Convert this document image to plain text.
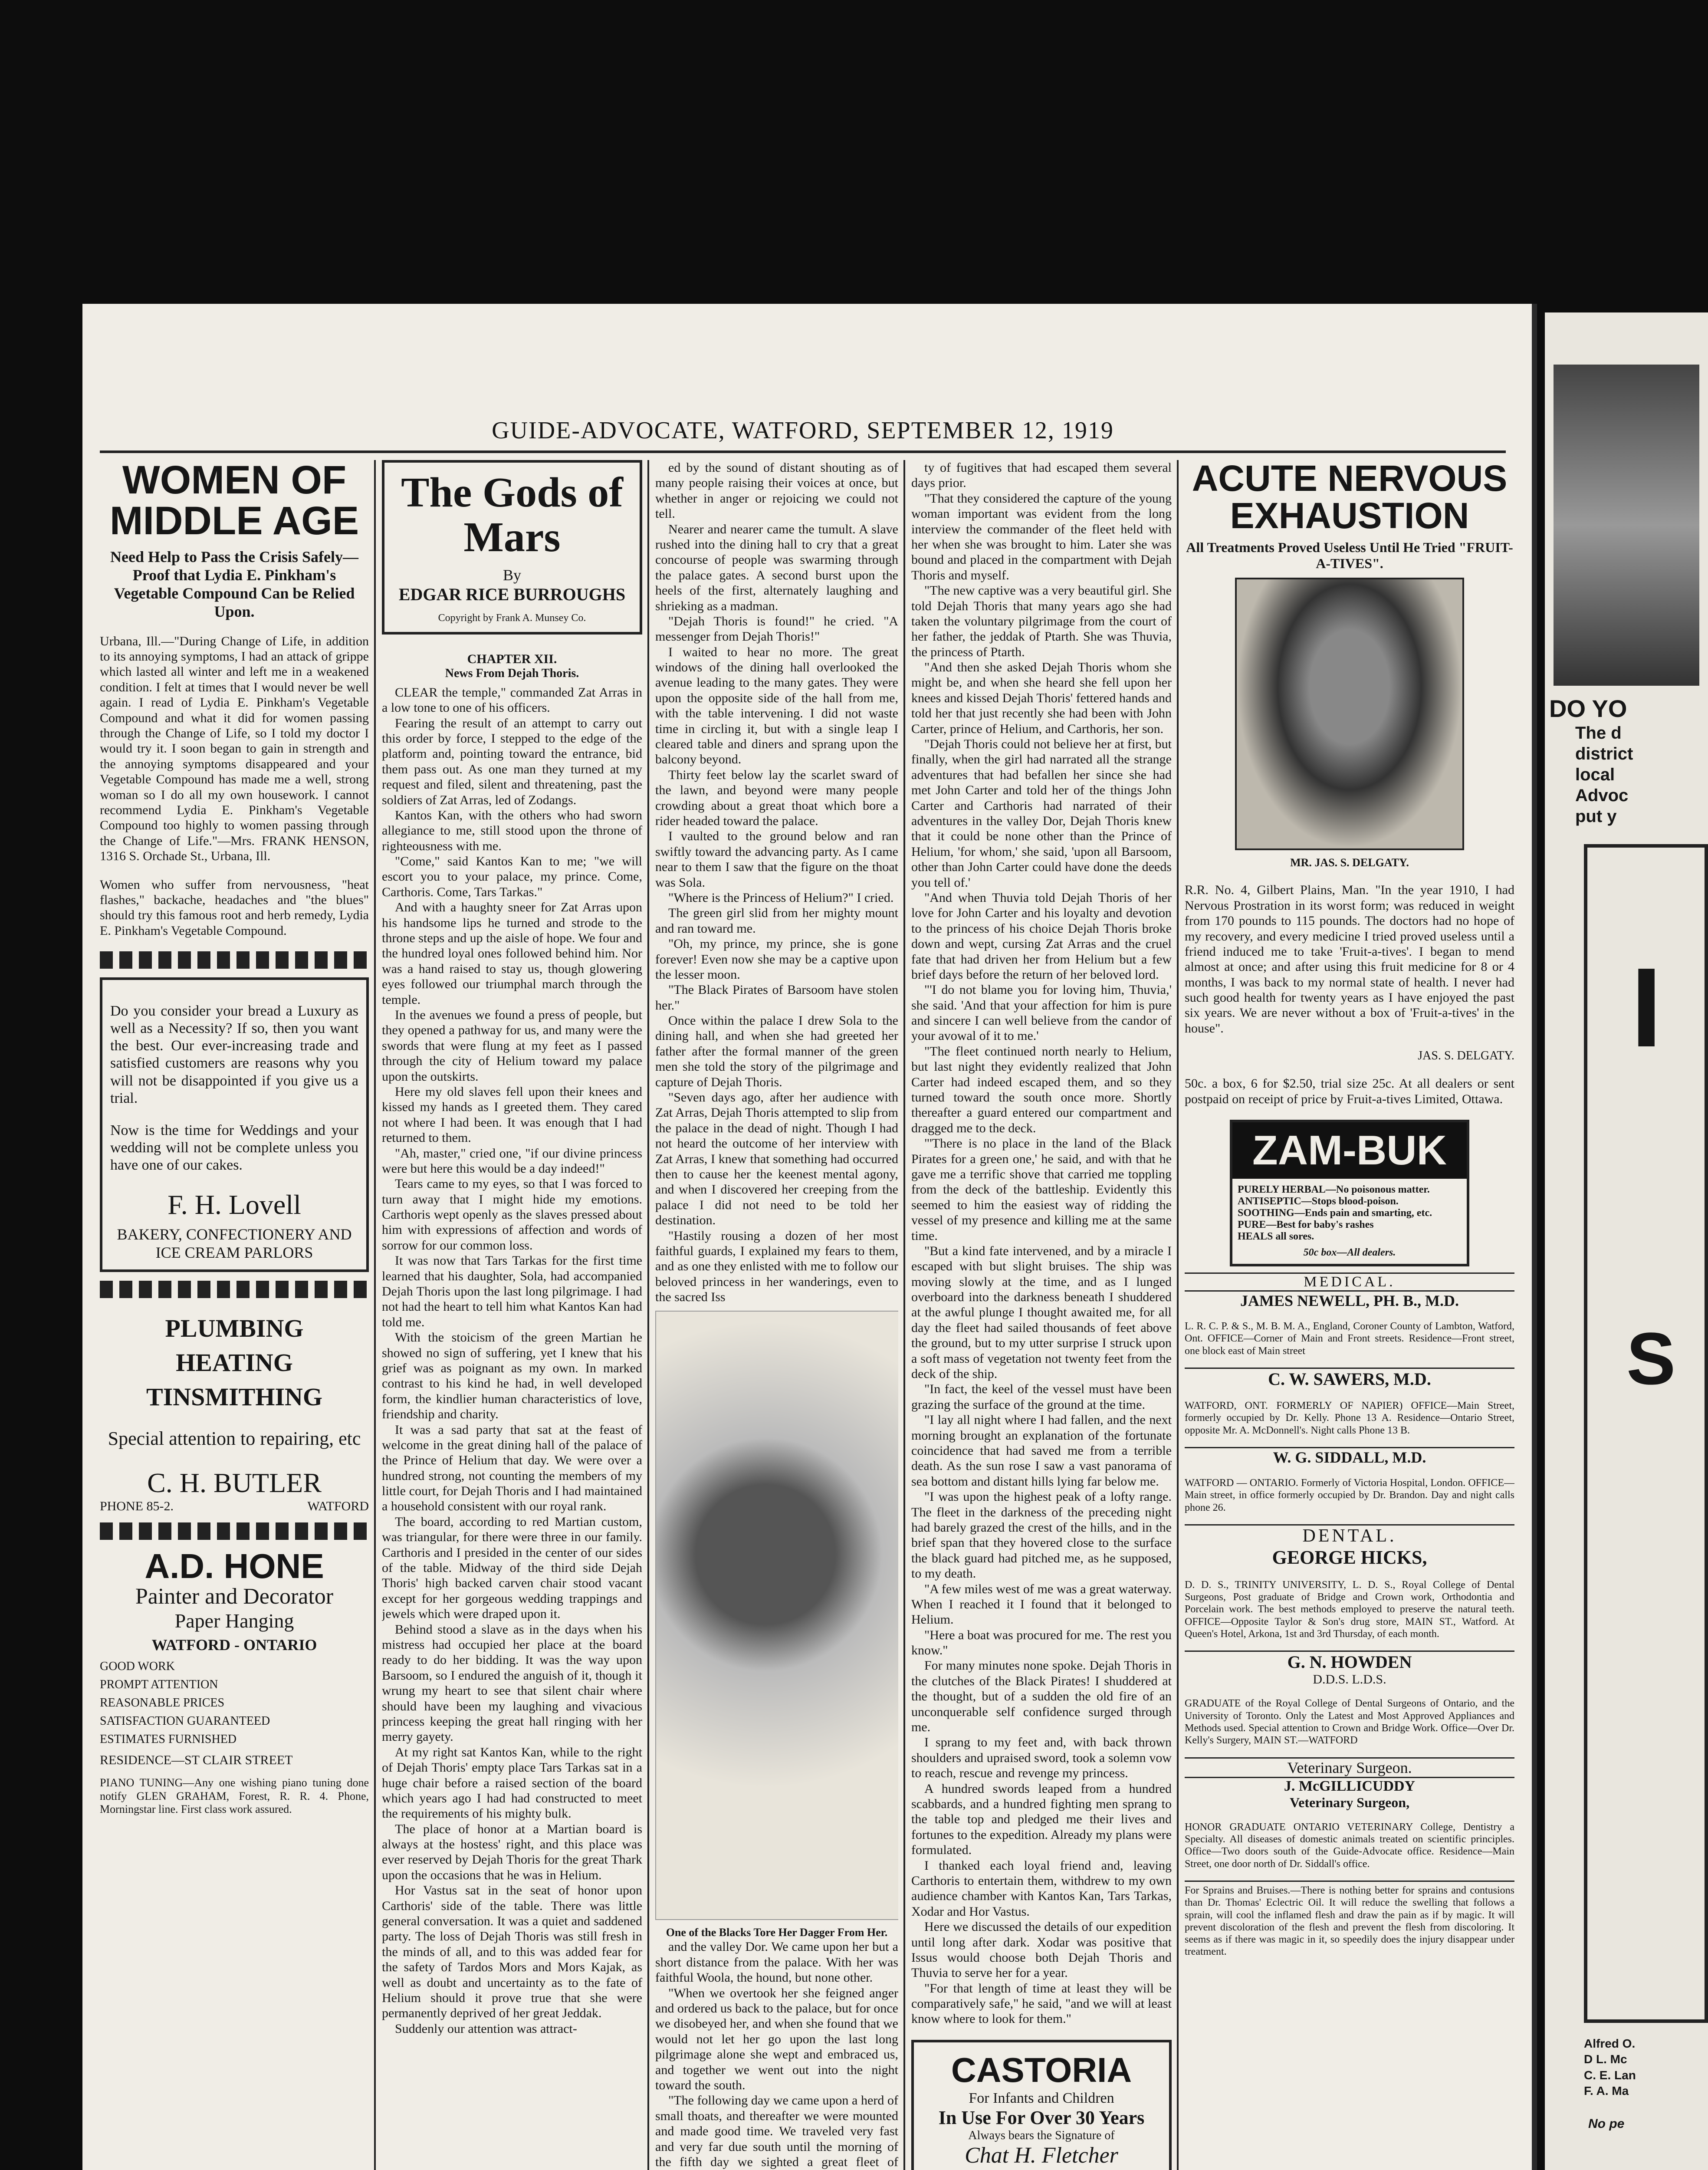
GUIDE-ADVOCATE, WATFORD, SEPTEMBER 12, 1919
WOMEN OF MIDDLE AGE
Need Help to Pass the Crisis Safely—Proof that Lydia E. Pinkham's Vegetable Compound Can be Relied Upon.

Urbana, Ill.—"During Change of Life, in addition to its annoying symptoms, I had an attack of grippe which lasted all winter and left me in a weakened condition. I felt at times that I would never be well again. I read of Lydia E. Pinkham's Vegetable Compound and what it did for women passing through the Change of Life, so I told my doctor I would try it. I soon began to gain in strength and the annoying symptoms disappeared and your Vegetable Compound has made me a well, strong woman so I do all my own housework. I cannot recommend Lydia E. Pinkham's Vegetable Compound too highly to women passing through the Change of Life."—Mrs. FRANK HENSON, 1316 S. Orchade St., Urbana, Ill.

Women who suffer from nervousness, "heat flashes," backache, headaches and "the blues" should try this famous root and herb remedy, Lydia E. Pinkham's Vegetable Compound.

Do you consider your bread a Luxury as well as a Necessity? If so, then you want the best. Our ever-increasing trade and satisfied customers are reasons why you will not be disappointed if you give us a trial.

Now is the time for Weddings and your wedding will not be complete unless you have one of our cakes.

F. H. Lovell
BAKERY, CONFECTIONERY AND ICE CREAM PARLORS
PLUMBING
HEATING
TINSMITHING
Special attention to repairing, etc
C. H. BUTLER
PHONE 85-2.	WATFORD
A.D. HONE
Painter and Decorator
Paper Hanging
WATFORD - ONTARIO
GOOD WORK
PROMPT ATTENTION
REASONABLE PRICES
SATISFACTION GUARANTEED
ESTIMATES FURNISHED
RESIDENCE—ST CLAIR STREET

PIANO TUNING—Any one wishing piano tuning done notify GLEN GRAHAM, Forest, R. R. 4. Phone, Morningstar line. First class work assured.

The Gods of Mars
By
EDGAR RICE BURROUGHS
Copyright by Frank A. Munsey Co.
CHAPTER XII.
News From Dejah Thoris.

CLEAR the temple," commanded Zat Arras in a low tone to one of his officers.

Fearing the result of an attempt to carry out this order by force, I stepped to the edge of the platform and, pointing toward the entrance, bid them pass out. As one man they turned at my request and filed, silent and threatening, past the soldiers of Zat Arras, led of Zodangs.

Kantos Kan, with the others who had sworn allegiance to me, still stood upon the throne of righteousness with me.

"Come," said Kantos Kan to me; "we will escort you to your palace, my prince. Come, Carthoris. Come, Tars Tarkas."

And with a haughty sneer for Zat Arras upon his handsome lips he turned and strode to the throne steps and up the aisle of hope. We four and the hundred loyal ones followed behind him. Nor was a hand raised to stay us, though glowering eyes followed our triumphal march through the temple.

In the avenues we found a press of people, but they opened a pathway for us, and many were the swords that were flung at my feet as I passed through the city of Helium toward my palace upon the outskirts.

Here my old slaves fell upon their knees and kissed my hands as I greeted them. They cared not where I had been. It was enough that I had returned to them.

"Ah, master," cried one, "if our divine princess were but here this would be a day indeed!"

Tears came to my eyes, so that I was forced to turn away that I might hide my emotions. Carthoris wept openly as the slaves pressed about him with expressions of affection and words of sorrow for our common loss.

It was now that Tars Tarkas for the first time learned that his daughter, Sola, had accompanied Dejah Thoris upon the last long pilgrimage. I had not had the heart to tell him what Kantos Kan had told me.

With the stoicism of the green Martian he showed no sign of suffering, yet I knew that his grief was as poignant as my own. In marked contrast to his kind he had, in well developed form, the kindlier human characteristics of love, friendship and charity.

It was a sad party that sat at the feast of welcome in the great dining hall of the palace of the Prince of Helium that day. We were over a hundred strong, not counting the members of my little court, for Dejah Thoris and I had maintained a household consistent with our royal rank.

The board, according to red Martian custom, was triangular, for there were three in our family. Carthoris and I presided in the center of our sides of the table. Midway of the third side Dejah Thoris' high backed carven chair stood vacant except for her gorgeous wedding trappings and jewels which were draped upon it.

Behind stood a slave as in the days when his mistress had occupied her place at the board ready to do her bidding. It was the way upon Barsoom, so I endured the anguish of it, though it wrung my heart to see that silent chair where should have been my laughing and vivacious princess keeping the great hall ringing with her merry gayety.

At my right sat Kantos Kan, while to the right of Dejah Thoris' empty place Tars Tarkas sat in a huge chair before a raised section of the board which years ago I had had constructed to meet the requirements of his mighty bulk.

The place of honor at a Martian board is always at the hostess' right, and this place was ever reserved by Dejah Thoris for the great Thark upon the occasions that he was in Helium.

Hor Vastus sat in the seat of honor upon Carthoris' side of the table. There was little general conversation. It was a quiet and saddened party. The loss of Dejah Thoris was still fresh in the minds of all, and to this was added fear for the safety of Tardos Mors and Mors Kajak, as well as doubt and uncertainty as to the fate of Helium should it prove true that she were permanently deprived of her great Jeddak.

Suddenly our attention was attract-

ed by the sound of distant shouting as of many people raising their voices at once, but whether in anger or rejoicing we could not tell.

Nearer and nearer came the tumult. A slave rushed into the dining hall to cry that a great concourse of people was swarming through the palace gates. A second burst upon the heels of the first, alternately laughing and shrieking as a madman.

"Dejah Thoris is found!" he cried. "A messenger from Dejah Thoris!"

I waited to hear no more. The great windows of the dining hall overlooked the avenue leading to the many gates. They were upon the opposite side of the hall from me, with the table intervening. I did not waste time in circling it, but with a single leap I cleared table and diners and sprang upon the balcony beyond.

Thirty feet below lay the scarlet sward of the lawn, and beyond were many people crowding about a great thoat which bore a rider headed toward the palace.

I vaulted to the ground below and ran swiftly toward the advancing party. As I came near to them I saw that the figure on the thoat was Sola.

"Where is the Princess of Helium?" I cried.

The green girl slid from her mighty mount and ran toward me.

"Oh, my prince, my prince, she is gone forever! Even now she may be a captive upon the lesser moon.

"The Black Pirates of Barsoom have stolen her."

Once within the palace I drew Sola to the dining hall, and when she had greeted her father after the formal manner of the green men she told the story of the pilgrimage and capture of Dejah Thoris.

"Seven days ago, after her audience with Zat Arras, Dejah Thoris attempted to slip from the palace in the dead of night. Though I had not heard the outcome of her interview with Zat Arras, I knew that something had occurred then to cause her the keenest mental agony, and when I discovered her creeping from the palace I did not need to be told her destination.

"Hastily rousing a dozen of her most faithful guards, I explained my fears to them, and as one they enlisted with me to follow our beloved princess in her wanderings, even to the sacred Iss

One of the Blacks Tore Her Dagger From Her.

and the valley Dor. We came upon her but a short distance from the palace. With her was faithful Woola, the hound, but none other.

"When we overtook her she feigned anger and ordered us back to the palace, but for once we disobeyed her, and when she found that we would not let her go upon the last long pilgrimage alone she wept and embraced us, and together we went out into the night toward the south.

"The following day we came upon a herd of small thoats, and thereafter we were mounted and made good time. We traveled very fast and very far due south until the morning of the fifth day we sighted a great fleet of

ty of fugitives that had escaped them several days prior.

"That they considered the capture of the young woman important was evident from the long interview the commander of the fleet held with her when she was brought to him. Later she was bound and placed in the compartment with Dejah Thoris and myself.

"The new captive was a very beautiful girl. She told Dejah Thoris that many years ago she had taken the voluntary pilgrimage from the court of her father, the jeddak of Ptarth. She was Thuvia, the princess of Ptarth.

"And then she asked Dejah Thoris whom she might be, and when she heard she fell upon her knees and kissed Dejah Thoris' fettered hands and told her that just recently she had been with John Carter, prince of Helium, and Carthoris, her son.

"Dejah Thoris could not believe her at first, but finally, when the girl had narrated all the strange adventures that had befallen her since she had met John Carter and told her of the things John Carter and Carthoris had narrated of their adventures in the valley Dor, Dejah Thoris knew that it could be none other than the Prince of Helium, 'for whom,' she said, 'upon all Barsoom, other than John Carter could have done the deeds you tell of.'

"And when Thuvia told Dejah Thoris of her love for John Carter and his loyalty and devotion to the princess of his choice Dejah Thoris broke down and wept, cursing Zat Arras and the cruel fate that had driven her from Helium but a few brief days before the return of her beloved lord.

"'I do not blame you for loving him, Thuvia,' she said. 'And that your affection for him is pure and sincere I can well believe from the candor of your avowal of it to me.'

"The fleet continued north nearly to Helium, but last night they evidently realized that John Carter had indeed escaped them, and so they turned toward the south once more. Shortly thereafter a guard entered our compartment and dragged me to the deck.

"'There is no place in the land of the Black Pirates for a green one,' he said, and with that he gave me a terrific shove that carried me toppling from the deck of the battleship. Evidently this seemed to him the easiest way of ridding the vessel of my presence and killing me at the same time.

"But a kind fate intervened, and by a miracle I escaped with but slight bruises. The ship was moving slowly at the time, and as I lunged overboard into the darkness beneath I shuddered at the awful plunge I thought awaited me, for all day the fleet had sailed thousands of feet above the ground, but to my utter surprise I struck upon a soft mass of vegetation not twenty feet from the deck of the ship.

"In fact, the keel of the vessel must have been grazing the surface of the ground at the time.

"I lay all night where I had fallen, and the next morning brought an explanation of the fortunate coincidence that had saved me from a terrible death. As the sun rose I saw a vast panorama of sea bottom and distant hills lying far below me.

"I was upon the highest peak of a lofty range. The fleet in the darkness of the preceding night had barely grazed the crest of the hills, and in the brief span that they hovered close to the surface the black guard had pitched me, as he supposed, to my death.

"A few miles west of me was a great waterway. When I reached it I found that it belonged to Helium.

"Here a boat was procured for me. The rest you know."

For many minutes none spoke. Dejah Thoris in the clutches of the Black Pirates! I shuddered at the thought, but of a sudden the old fire of an unconquerable self confidence surged through me.

I sprang to my feet and, with back thrown shoulders and upraised sword, took a solemn vow to reach, rescue and revenge my princess.

A hundred swords leaped from a hundred scabbards, and a hundred fighting men sprang to the table top and pledged me their lives and fortunes to the expedition. Already my plans were formulated.

I thanked each loyal friend and, leaving Carthoris to entertain them, withdrew to my own audience chamber with Kantos Kan, Tars Tarkas, Xodar and Hor Vastus.

Here we discussed the details of our expedition until long after dark. Xodar was positive that Issus would choose both Dejah Thoris and Thuvia to serve her for a year.

"For that length of time at least they will be comparatively safe," he said, "and we will at least know where to look for them."

CASTORIA
For Infants and Children
In Use For Over 30 Years
Always bears the Signature of
Chat H. Fletcher
ACUTE NERVOUS EXHAUSTION
All Treatments Proved Useless Until He Tried "FRUIT-A-TIVES".
MR. JAS. S. DELGATY.

R.R. No. 4, Gilbert Plains, Man. "In the year 1910, I had Nervous Prostration in its worst form; was reduced in weight from 170 pounds to 115 pounds. The doctors had no hope of my recovery, and every medicine I tried proved useless until a friend induced me to take 'Fruit-a-tives'. I began to mend almost at once; and after using this fruit medicine for 8 or 4 months, I was back to my normal state of health. I never had such good health for twenty years as I have enjoyed the past six years. We are never without a box of 'Fruit-a-tives' in the house".

JAS. S. DELGATY.

50c. a box, 6 for $2.50, trial size 25c. At all dealers or sent postpaid on receipt of price by Fruit-a-tives Limited, Ottawa.

ZAM-BUK
PURELY HERBAL—No poisonous matter.
ANTISEPTIC—Stops blood-poison.
SOOTHING—Ends pain and smarting, etc.
PURE—Best for baby's rashes
HEALS all sores.
50c box—All dealers.
MEDICAL.
JAMES NEWELL, PH. B., M.D.

L. R. C. P. & S., M. B. M. A., England, Coroner County of Lambton, Watford, Ont. OFFICE—Corner of Main and Front streets. Residence—Front street, one block east of Main street

C. W. SAWERS, M.D.

WATFORD, ONT. FORMERLY OF NAPIER) OFFICE—Main Street, formerly occupied by Dr. Kelly. Phone 13 A. Residence—Ontario Street, opposite Mr. A. McDonnell's. Night calls Phone 13 B.

W. G. SIDDALL, M.D.

WATFORD — ONTARIO. Formerly of Victoria Hospital, London. OFFICE—Main street, in office formerly occupied by Dr. Brandon. Day and night calls phone 26.

DENTAL.
GEORGE HICKS,

D. D. S., TRINITY UNIVERSITY, L. D. S., Royal College of Dental Surgeons, Post graduate of Bridge and Crown work, Orthodontia and Porcelain work. The best methods employed to preserve the natural teeth. OFFICE—Opposite Taylor & Son's drug store, MAIN ST., Watford. At Queen's Hotel, Arkona, 1st and 3rd Thursday, of each month.

G. N. HOWDEN
D.D.S. L.D.S.

GRADUATE of the Royal College of Dental Surgeons of Ontario, and the University of Toronto. Only the Latest and Most Approved Appliances and Methods used. Special attention to Crown and Bridge Work. Office—Over Dr. Kelly's Surgery, MAIN ST.—WATFORD

Veterinary Surgeon.
J. McGILLICUDDY
Veterinary Surgeon,

HONOR GRADUATE ONTARIO VETERINARY College, Dentistry a Specialty. All diseases of domestic animals treated on scientific principles. Office—Two doors south of the Guide-Advocate office. Residence—Main Street, one door north of Dr. Siddall's office.

For Sprains and Bruises.—There is nothing better for sprains and contusions than Dr. Thomas' Eclectric Oil. It will reduce the swelling that follows a sprain, will cool the inflamed flesh and draw the pain as if by magic. It will prevent discoloration of the flesh and prevent the flesh from discoloring. It seems as if there was magic in it, so speedily does the injury disappear under treatment.

DO YO
The d
district
local
Advoc
put y
I
S
Alfred O.
D L. Mc
C. E. Lan
F. A. Ma
No pe
